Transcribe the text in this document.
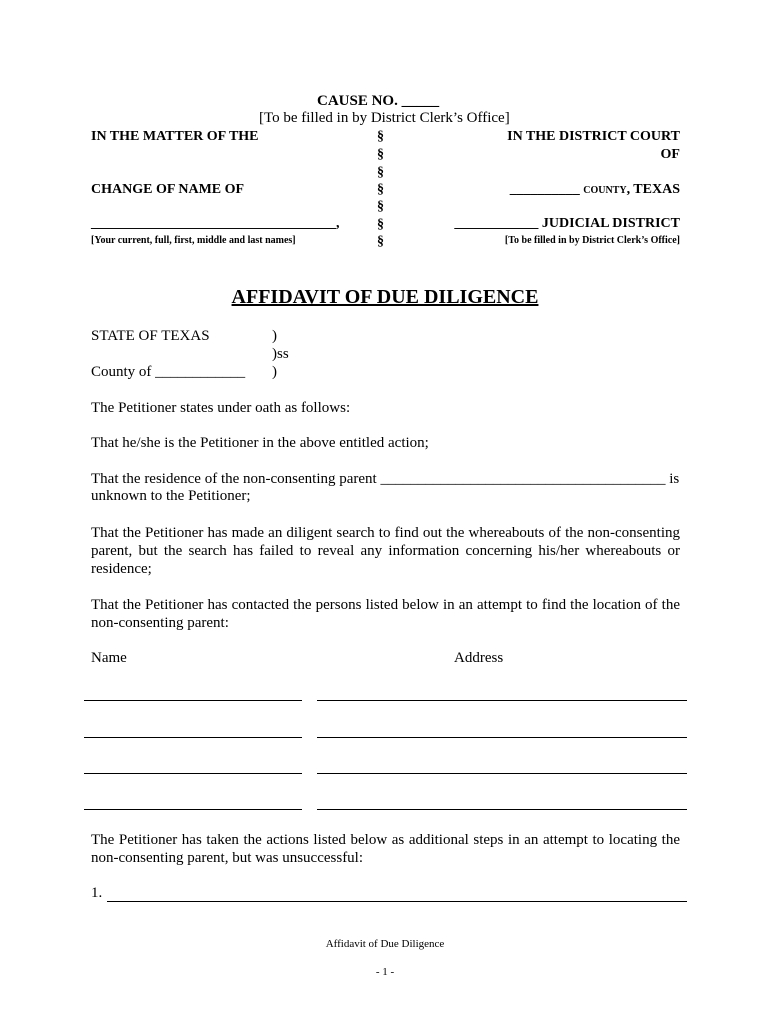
CAUSE NO. _____
[To be filled in by District Clerk’s Office]
IN THE MATTER OF THE
CHANGE OF NAME OF
___________________________________,
[Your current, full, first, middle and last names]
§
§
§
§
§
§
§
IN THE DISTRICT COURT
OF
__________ COUNTY, TEXAS
____________ JUDICIAL DISTRICT
[To be filled in by District Clerk’s Office]
AFFIDAVIT OF DUE DILIGENCE
STATE OF TEXAS
County of ____________
)
)ss
)
The Petitioner states under oath as follows:
That he/she is the Petitioner in the above entitled action;
That the residence of the non-consenting parent ______________________________________ is
unknown to the Petitioner;
That the Petitioner has made an diligent search to find out the whereabouts of the non-consenting parent, but the search has failed to reveal any information concerning his/her whereabouts or residence;
That the Petitioner has contacted the persons listed below in an attempt to find the location of the non-consenting parent:
Name	Address
The Petitioner has taken the actions listed below as additional steps in an attempt to locating the non-consenting parent, but was unsuccessful:
1.
Affidavit of Due Diligence
- 1 -
